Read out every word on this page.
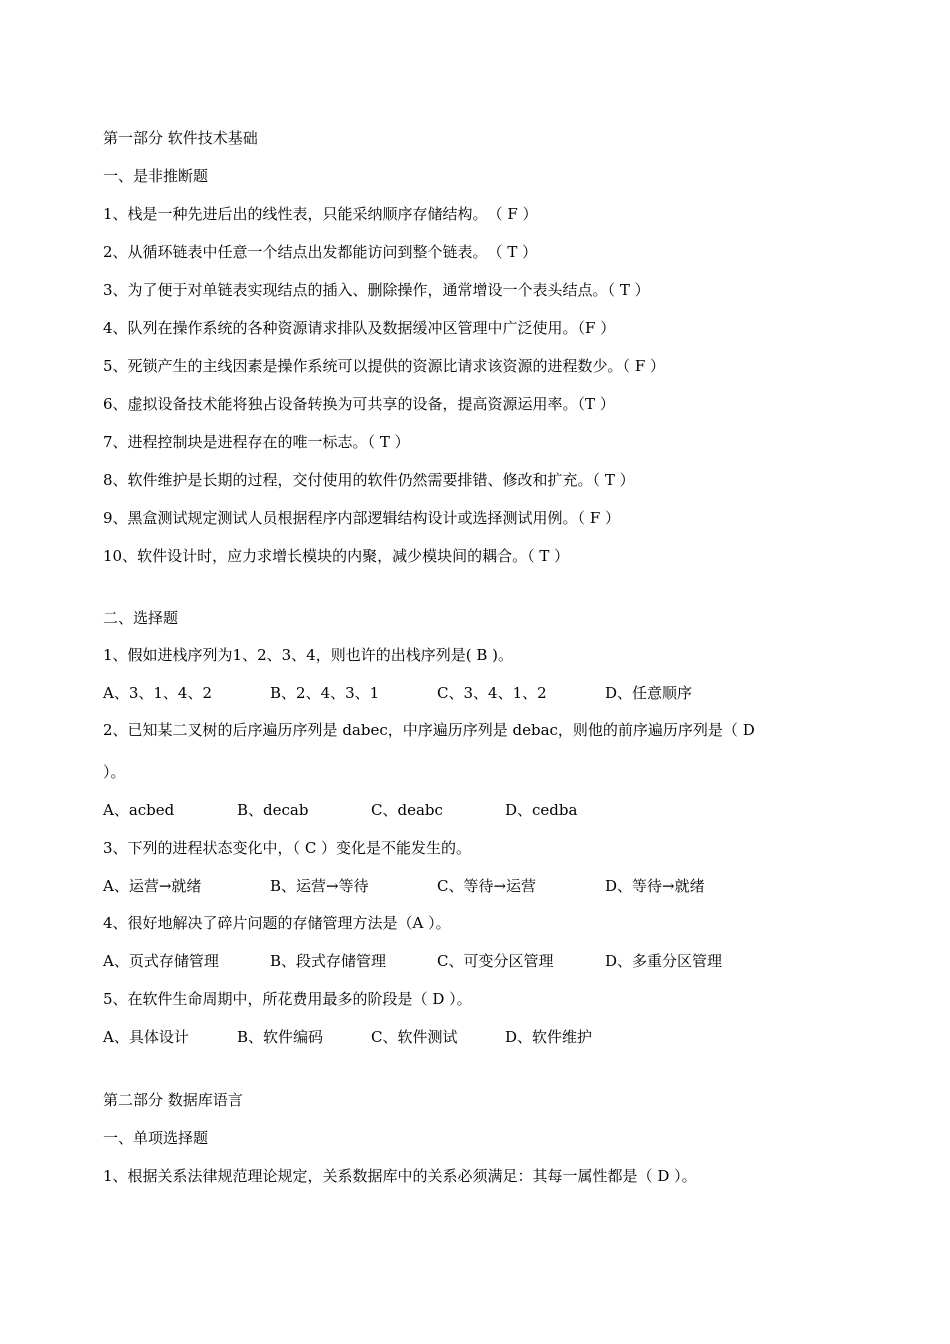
第一部分 软件技术基础
一、是非推断题
1、栈是一种先进后出的线性表，只能采纳顺序存储结构。　（ F ）
2、从循环链表中任意一个结点出发都能访问到整个链表。　（ T ）
3、为了便于对单链表实现结点的插入、删除操作，通常增设一个表头结点。（ T ）
4、队列在操作系统的各种资源请求排队及数据缓冲区管理中广泛使用。（F ）
5、死锁产生的主线因素是操作系统可以提供的资源比请求该资源的进程数少。（ F ）
6、虚拟设备技术能将独占设备转换为可共享的设备，提高资源运用率。（T ）
7、进程控制块是进程存在的唯一标志。（ T ）
8、软件维护是长期的过程，交付使用的软件仍然需要排错、修改和扩充。（ T ）
9、黑盒测试规定测试人员根据程序内部逻辑结构设计或选择测试用例。（ F ）
10、软件设计时，应力求增长模块的内聚，减少模块间的耦合。（ T ）
二、选择题
1、假如进栈序列为1、2、3、4，则也许的出栈序列是( B )。
A、3、1、4、2	B、2、4、3、1	C、3、4、1、2	D、任意顺序
2、已知某二叉树的后序遍历序列是 dabec，中序遍历序列是 debac，则他的前序遍历序列是（ D
）。
A、acbed	B、decab	C、deabc	D、cedba
3、下列的进程状态变化中，（ C ）变化是不能发生的。
A、运营→就绪	B、运营→等待	C、等待→运营	D、等待→就绪
4、很好地解决了碎片问题的存储管理方法是（A ）。
A、页式存储管理	B、段式存储管理	C、可变分区管理	D、多重分区管理
5、在软件生命周期中，所花费用最多的阶段是（ D ）。
A、具体设计	B、软件编码	C、软件测试	D、软件维护
第二部分 数据库语言
一、单项选择题
1、根据关系法律规范理论规定，关系数据库中的关系必须满足：其每一属性都是（ D ）。
